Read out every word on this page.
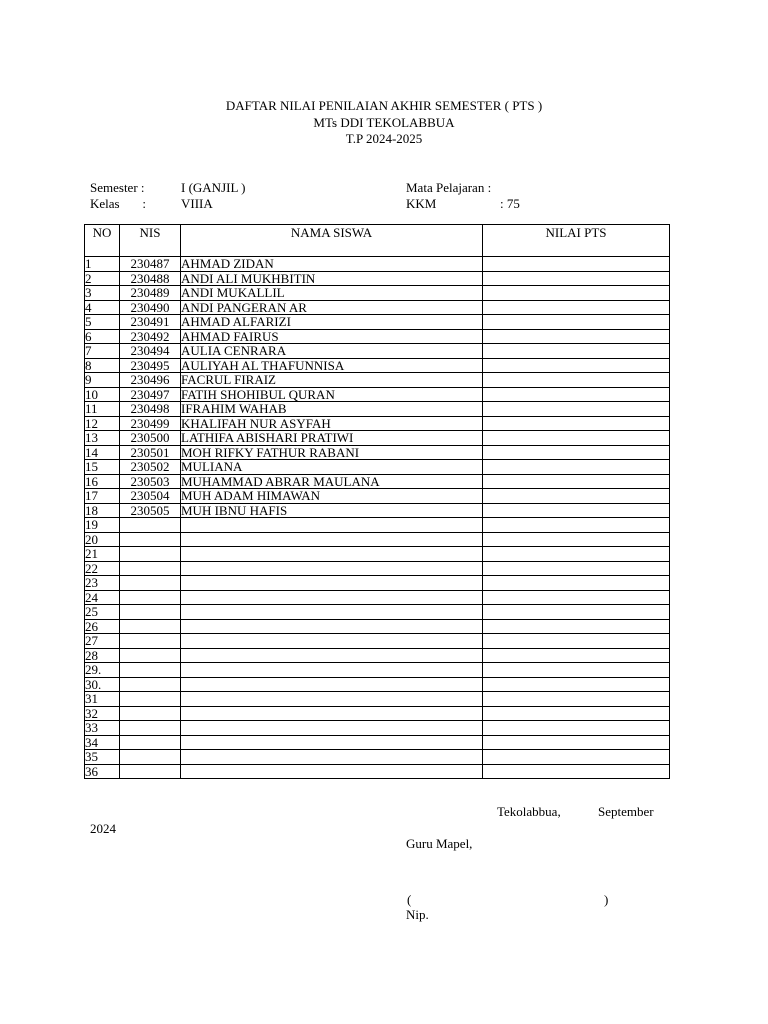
DAFTAR NILAI PENILAIAN AKHIR SEMESTER ( PTS )
MTs DDI TEKOLABBUA
T.P 2024-2025
Semester :	I (GANJIL )	Mata Pelajaran :
Kelas       :	VIIIA	KKM	: 75
NO	NIS	NAMA SISWA	NILAI PTS
1	230487	AHMAD ZIDAN	
2	230488	ANDI ALI MUKHBITIN	
3	230489	ANDI MUKALLIL	
4	230490	ANDI PANGERAN AR	
5	230491	AHMAD ALFARIZI	
6	230492	AHMAD FAIRUS	
7	230494	AULIA CENRARA	
8	230495	AULIYAH AL THAFUNNISA	
9	230496	FACRUL FIRAIZ	
10	230497	FATIH SHOHIBUL QURAN	
11	230498	IFRAHIM WAHAB	
12	230499	KHALIFAH NUR ASYFAH	
13	230500	LATHIFA ABISHARI PRATIWI	
14	230501	MOH RIFKY FATHUR RABANI	
15	230502	MULIANA	
16	230503	MUHAMMAD ABRAR MAULANA	
17	230504	MUH ADAM HIMAWAN	
18	230505	MUH IBNU HAFIS	
19			
20			
21			
22			
23			
24			
25			
26			
27			
28			
29.			
30.			
31			
32			
33			
34			
35			
36			
Tekolabbua,	September
2024
Guru Mapel,
(	)
Nip.
